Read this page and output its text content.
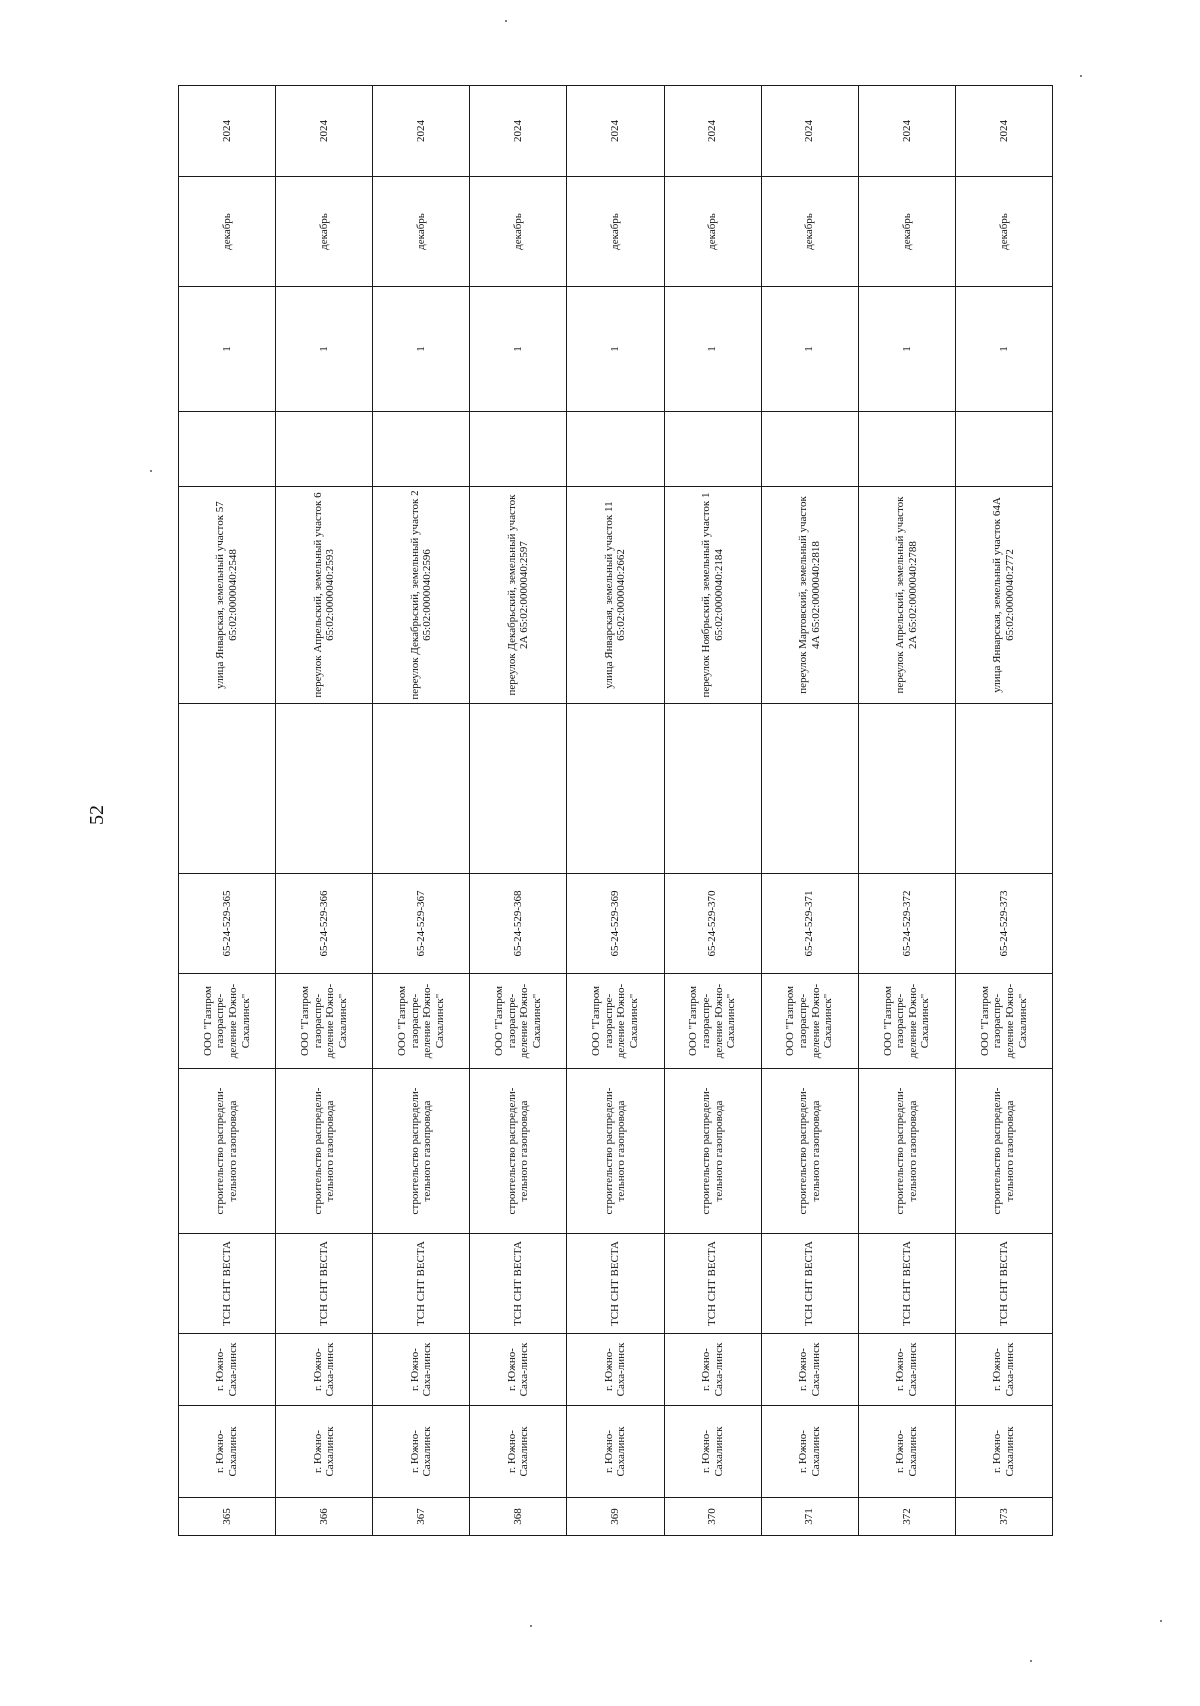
52
365	г. Южно-Сахалинск	г. Южно-Саха-линск	ТСН СНТ ВЕСТА	строительство распредели-тельного газопровода	ООО "Газпром газораспре-деление Южно-Сахалинск"	65-24-529-365		улица Январская, земельный участок 57 65:02:0000040:2548		1	декабрь	2024
366	г. Южно-Сахалинск	г. Южно-Саха-линск	ТСН СНТ ВЕСТА	строительство распредели-тельного газопровода	ООО "Газпром газораспре-деление Южно-Сахалинск"	65-24-529-366		переулок Апрельский, земельный участок 6 65:02:0000040:2593		1	декабрь	2024
367	г. Южно-Сахалинск	г. Южно-Саха-линск	ТСН СНТ ВЕСТА	строительство распредели-тельного газопровода	ООО "Газпром газораспре-деление Южно-Сахалинск"	65-24-529-367		переулок Декабрьский, земельный участок 2 65:02:0000040:2596		1	декабрь	2024
368	г. Южно-Сахалинск	г. Южно-Саха-линск	ТСН СНТ ВЕСТА	строительство распредели-тельного газопровода	ООО "Газпром газораспре-деление Южно-Сахалинск"	65-24-529-368		переулок Декабрьский, земельный участок 2А 65:02:0000040:2597		1	декабрь	2024
369	г. Южно-Сахалинск	г. Южно-Саха-линск	ТСН СНТ ВЕСТА	строительство распредели-тельного газопровода	ООО "Газпром газораспре-деление Южно-Сахалинск"	65-24-529-369		улица Январская, земельный участок 11 65:02:0000040:2662		1	декабрь	2024
370	г. Южно-Сахалинск	г. Южно-Саха-линск	ТСН СНТ ВЕСТА	строительство распредели-тельного газопровода	ООО "Газпром газораспре-деление Южно-Сахалинск"	65-24-529-370		переулок Ноябрьский, земельный участок 1 65:02:0000040:2184		1	декабрь	2024
371	г. Южно-Сахалинск	г. Южно-Саха-линск	ТСН СНТ ВЕСТА	строительство распредели-тельного газопровода	ООО "Газпром газораспре-деление Южно-Сахалинск"	65-24-529-371		переулок Мартовский, земельный участок 4А 65:02:0000040:2818		1	декабрь	2024
372	г. Южно-Сахалинск	г. Южно-Саха-линск	ТСН СНТ ВЕСТА	строительство распредели-тельного газопровода	ООО "Газпром газораспре-деление Южно-Сахалинск"	65-24-529-372		переулок Апрельский, земельный участок 2А 65:02:0000040:2788		1	декабрь	2024
373	г. Южно-Сахалинск	г. Южно-Саха-линск	ТСН СНТ ВЕСТА	строительство распредели-тельного газопровода	ООО "Газпром газораспре-деление Южно-Сахалинск"	65-24-529-373		улица Январская, земельный участок 64А 65:02:0000040:2772		1	декабрь	2024
